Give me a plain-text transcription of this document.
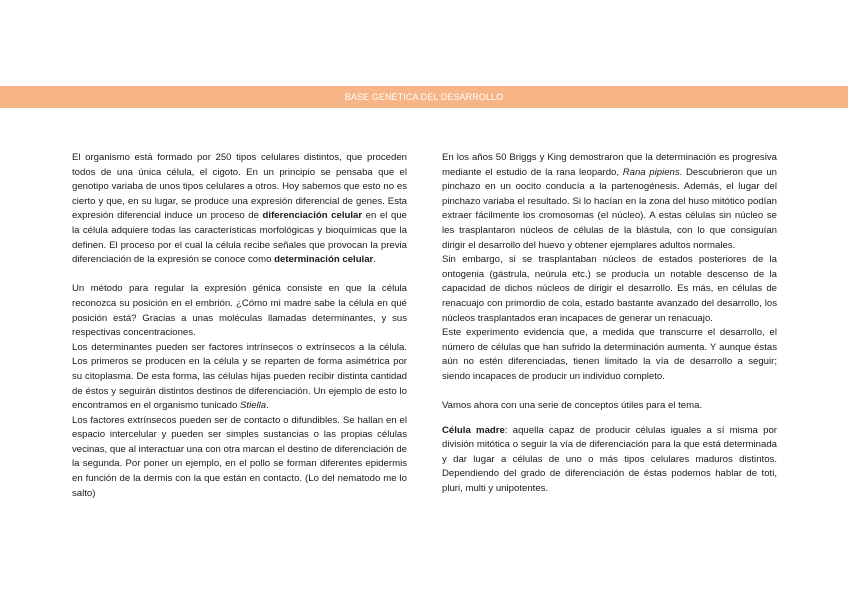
BASE GENÉTICA DEL DESARROLLO

El organismo está formado por 250 tipos celulares distintos, que proceden todos de una única célula, el cigoto. En un principio se pensaba que el genotipo variaba de unos tipos celulares a otros. Hoy sabemos que esto no es cierto y que, en su lugar, se produce una expresión diferencial de genes. Esta expresión diferencial induce un proceso de diferenciación celular en el que la célula adquiere todas las características morfológicas y bioquímicas que la definen. El proceso por el cual la célula recibe señales que provocan la previa diferenciación de la expresión se conoce como determinación celular.

Un método para regular la expresión génica consiste en que la célula reconozca su posición en el embrión. ¿Cómo mi madre sabe la célula en qué posición está? Gracias a unas moléculas llamadas determinantes, y sus respectivas concentraciones.

Los determinantes pueden ser factores intrínsecos o extrínsecos a la célula. Los primeros se producen en la célula y se reparten de forma asimétrica por su citoplasma. De esta forma, las células hijas pueden recibir distinta cantidad de éstos y seguirán distintos destinos de diferenciación. Un ejemplo de esto lo encontramos en el organismo tunicado Stiella.

Los factores extrínsecos pueden ser de contacto o difundibles. Se hallan en el espacio intercelular y pueden ser simples sustancias o las propias células vecinas, que al interactuar una con otra marcan el destino de diferenciación de la segunda. Por poner un ejemplo, en el pollo se forman diferentes epidermis en función de la dermis con la que están en contacto. (Lo del nematodo me lo salto)

En los años 50 Briggs y King demostraron que la determinación es progresiva mediante el estudio de la rana leopardo, Rana pipiens. Descubrieron que un pinchazo en un oocito conducía a la partenogénesis. Además, el lugar del pinchazo variaba el resultado. Si lo hacían en la zona del huso mitótico podían extraer fácilmente los cromosomas (el núcleo). A estas células sin núcleo se les trasplantaron núcleos de células de la blástula, con lo que consiguían dirigir el desarrollo del huevo y obtener ejemplares adultos normales.

Sin embargo, si se trasplantaban núcleos de estados posteriores de la ontogenia (gástrula, neúrula etc.) se producía un notable descenso de la capacidad de dichos núcleos de dirigir el desarrollo. Es más, en células de renacuajo con primordio de cola, estado bastante avanzado del desarrollo, los núcleos trasplantados eran incapaces de generar un renacuajo.

Este experimento evidencia que, a medida que transcurre el desarrollo, el número de células que han sufrido la determinación aumenta. Y aunque éstas aún no estén diferenciadas, tienen limitado la vía de desarrollo a seguir; siendo incapaces de producir un individuo completo.

Vamos ahora con una serie de conceptos útiles para el tema.

Célula madre: aquella capaz de producir células iguales a sí misma por división mitótica o seguir la vía de diferenciación para la que está determinada y dar lugar a células de uno o más tipos celulares maduros distintos. Dependiendo del grado de diferenciación de éstas podemos hablar de toti, pluri, multi y unipotentes.
